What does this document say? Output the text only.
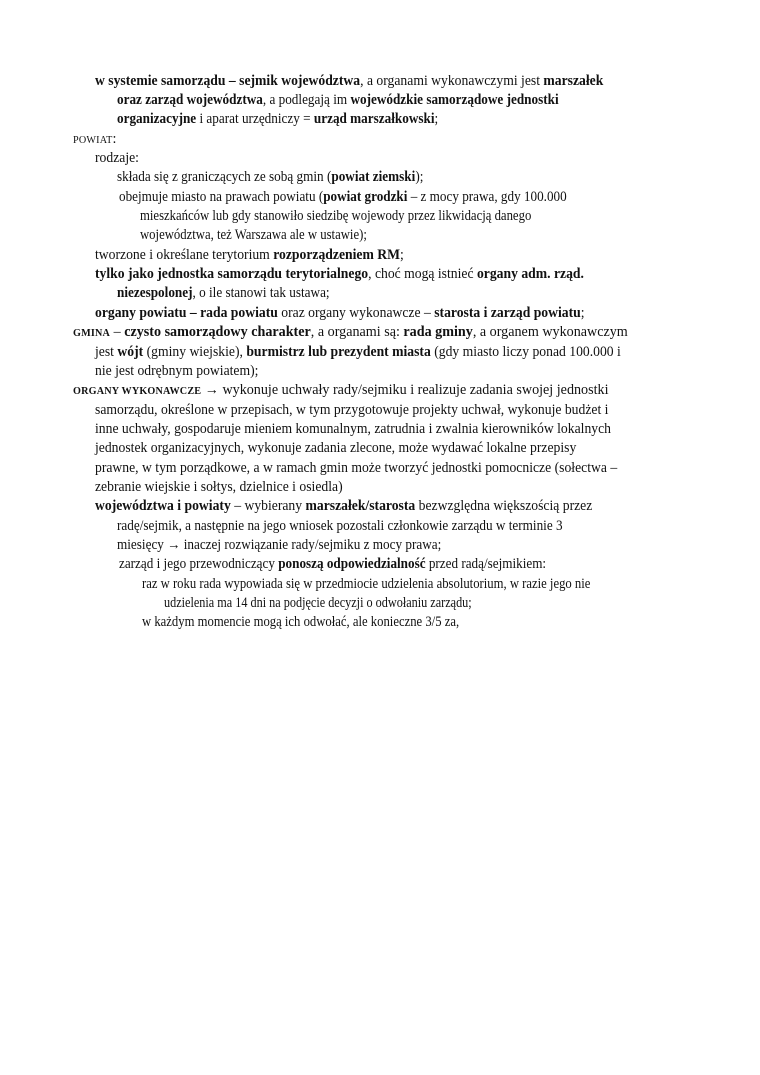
w systemie samorządu – sejmik województwa, a organami wykonawczymi jest marszałek
oraz zarząd województwa, a podlegają im wojewódzkie samorządowe jednostki
organizacyjne i aparat urzędniczy = urząd marszałkowski;
POWIAT:
rodzaje:
składa się z graniczących ze sobą gmin (powiat ziemski);
obejmuje miasto na prawach powiatu (powiat grodzki – z mocy prawa, gdy 100.000
mieszkańców lub gdy stanowiło siedzibę wojewody przez likwidacją danego
województwa, też Warszawa ale w ustawie);
tworzone i określane terytorium rozporządzeniem RM;
tylko jako jednostka samorządu terytorialnego, choć mogą istnieć organy adm. rząd.
niezespolonej, o ile stanowi tak ustawa;
organy powiatu – rada powiatu oraz organy wykonawcze – starosta i zarząd powiatu;
GMINA – czysto samorządowy charakter, a organami są: rada gminy, a organem wykonawczym
jest wójt (gminy wiejskie), burmistrz lub prezydent miasta (gdy miasto liczy ponad 100.000 i
nie jest odrębnym powiatem);
ORGANY WYKONAWCZE → wykonuje uchwały rady/sejmiku i realizuje zadania swojej jednostki
samorządu, określone w przepisach, w tym przygotowuje projekty uchwał, wykonuje budżet i
inne uchwały, gospodaruje mieniem komunalnym, zatrudnia i zwalnia kierowników lokalnych
jednostek organizacyjnych, wykonuje zadania zlecone, może wydawać lokalne przepisy
prawne, w tym porządkowe, a w ramach gmin może tworzyć jednostki pomocnicze (sołectwa –
zebranie wiejskie i sołtys, dzielnice i osiedla)
województwa i powiaty – wybierany marszałek/starosta bezwzględna większością przez
radę/sejmik, a następnie na jego wniosek pozostali członkowie zarządu w terminie 3
miesięcy → inaczej rozwiązanie rady/sejmiku z mocy prawa;
zarząd i jego przewodniczący ponoszą odpowiedzialność przed radą/sejmikiem:
raz w roku rada wypowiada się w przedmiocie udzielenia absolutorium, w razie jego nie
udzielenia ma 14 dni na podjęcie decyzji o odwołaniu zarządu;
w każdym momencie mogą ich odwołać, ale konieczne 3/5 za,
